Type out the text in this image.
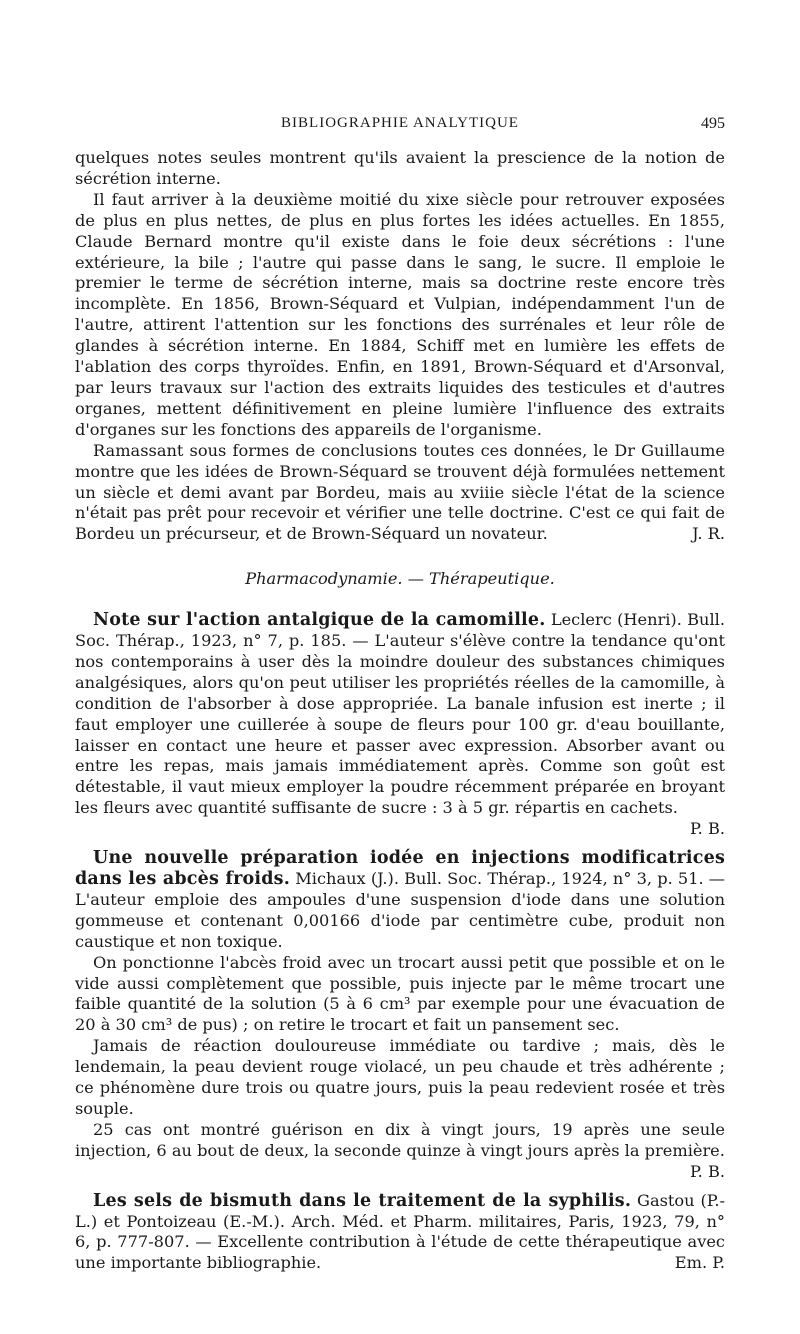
BIBLIOGRAPHIE ANALYTIQUE	495

quelques notes seules montrent qu'ils avaient la prescience de la notion de sécrétion interne.

Il faut arriver à la deuxième moitié du xixe siècle pour retrouver exposées de plus en plus nettes, de plus en plus fortes les idées actuelles. En 1855, Claude Bernard montre qu'il existe dans le foie deux sécrétions : l'une extérieure, la bile ; l'autre qui passe dans le sang, le sucre. Il emploie le premier le terme de sécrétion interne, mais sa doctrine reste encore très incomplète. En 1856, Brown-Séquard et Vulpian, indépendamment l'un de l'autre, attirent l'attention sur les fonctions des surrénales et leur rôle de glandes à sécrétion interne. En 1884, Schiff met en lumière les effets de l'ablation des corps thyroïdes. Enfin, en 1891, Brown-Séquard et d'Arsonval, par leurs travaux sur l'action des extraits liquides des testicules et d'autres organes, mettent définitivement en pleine lumière l'influence des extraits d'organes sur les fonctions des appareils de l'organisme.

Ramassant sous formes de conclusions toutes ces données, le Dr Guillaume montre que les idées de Brown-Séquard se trouvent déjà formulées nettement un siècle et demi avant par Bordeu, mais au xviiie siècle l'état de la science n'était pas prêt pour recevoir et vérifier une telle doctrine. C'est ce qui fait de Bordeu un précurseur, et de Brown-Séquard un novateur.	J. R.

Pharmacodynamie. — Thérapeutique.

Note sur l'action antalgique de la camomille. Leclerc (Henri). Bull. Soc. Thérap., 1923, n° 7, p. 185. — L'auteur s'élève contre la tendance qu'ont nos contemporains à user dès la moindre douleur des substances chimiques analgésiques, alors qu'on peut utiliser les propriétés réelles de la camomille, à condition de l'absorber à dose appropriée. La banale infusion est inerte ; il faut employer une cuillerée à soupe de fleurs pour 100 gr. d'eau bouillante, laisser en contact une heure et passer avec expression. Absorber avant ou entre les repas, mais jamais immédiatement après. Comme son goût est détestable, il vaut mieux employer la poudre récemment préparée en broyant les fleurs avec quantité suffisante de sucre : 3 à 5 gr. répartis en cachets.
P. B.

Une nouvelle préparation iodée en injections modificatrices dans les abcès froids. Michaux (J.). Bull. Soc. Thérap., 1924, n° 3, p. 51. — L'auteur emploie des ampoules d'une suspension d'iode dans une solution gommeuse et contenant 0,00166 d'iode par centimètre cube, produit non caustique et non toxique.

On ponctionne l'abcès froid avec un trocart aussi petit que possible et on le vide aussi complètement que possible, puis injecte par le même trocart une faible quantité de la solution (5 à 6 cm³ par exemple pour une évacuation de 20 à 30 cm³ de pus) ; on retire le trocart et fait un pansement sec.

Jamais de réaction douloureuse immédiate ou tardive ; mais, dès le lendemain, la peau devient rouge violacé, un peu chaude et très adhérente ; ce phénomène dure trois ou quatre jours, puis la peau redevient rosée et très souple.

25 cas ont montré guérison en dix à vingt jours, 19 après une seule injection, 6 au bout de deux, la seconde quinze à vingt jours après la première.

P. B.

Les sels de bismuth dans le traitement de la syphilis. Gastou (P.-L.) et Pontoizeau (E.-M.). Arch. Méd. et Pharm. militaires, Paris, 1923, 79, n° 6, p. 777-807. — Excellente contribution à l'étude de cette thérapeutique avec une importante bibliographie.	Em. P.
